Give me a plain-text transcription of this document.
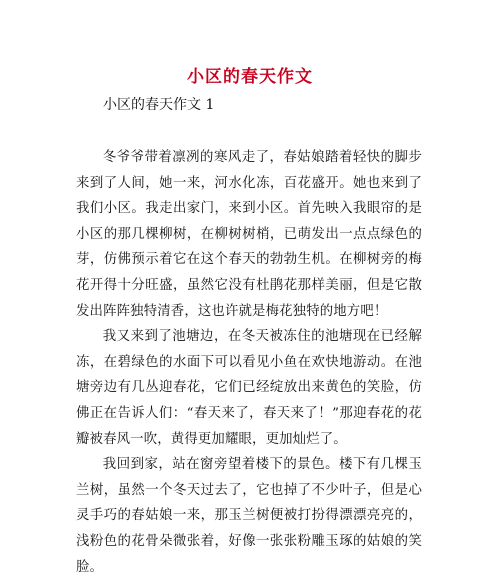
小区的春天作文

小区的春天作文 1

冬爷爷带着凛冽的寒风走了，春姑娘踏着轻快的脚步来到了人间，她一来，河水化冻，百花盛开。她也来到了我们小区。我走出家门，来到小区。首先映入我眼帘的是小区的那几棵柳树，在柳树树梢，已萌发出一点点绿色的芽，仿佛预示着它在这个春天的勃勃生机。在柳树旁的梅花开得十分旺盛，虽然它没有杜鹃花那样美丽，但是它散发出阵阵独特清香，这也许就是梅花独特的地方吧！

我又来到了池塘边，在冬天被冻住的池塘现在已经解冻，在碧绿色的水面下可以看见小鱼在欢快地游动。在池塘旁边有几丛迎春花，它们已经绽放出来黄色的笑脸，仿佛正在告诉人们：“春天来了，春天来了！”那迎春花的花瓣被春风一吹，黄得更加耀眼，更加灿烂了。

我回到家，站在窗旁望着楼下的景色。楼下有几棵玉兰树，虽然一个冬天过去了，它也掉了不少叶子，但是心灵手巧的春姑娘一来，那玉兰树便被打扮得漂漂亮亮的，浅粉色的花骨朵微张着，好像一张张粉雕玉琢的姑娘的笑脸。
